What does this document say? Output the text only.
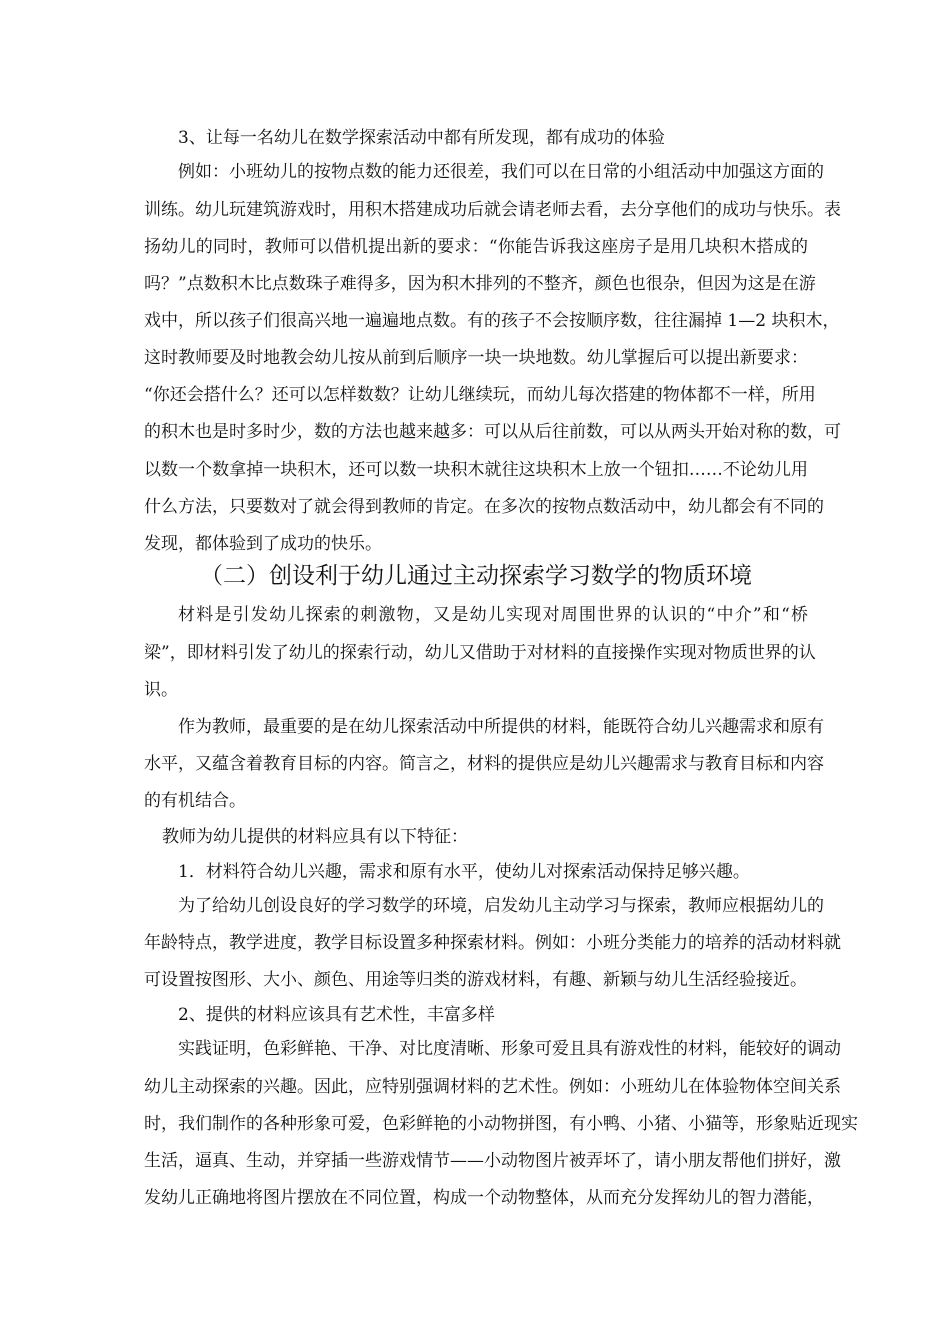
3、让每一名幼儿在数学探索活动中都有所发现，都有成功的体验
例如：小班幼儿的按物点数的能力还很差，我们可以在日常的小组活动中加强这方面的
训练。幼儿玩建筑游戏时，用积木搭建成功后就会请老师去看，去分享他们的成功与快乐。表
扬幼儿的同时，教师可以借机提出新的要求：“你能告诉我这座房子是用几块积木搭成的
吗？”点数积木比点数珠子难得多，因为积木排列的不整齐，颜色也很杂，但因为这是在游
戏中，所以孩子们很高兴地一遍遍地点数。有的孩子不会按顺序数，往往漏掉 1—2 块积木，
这时教师要及时地教会幼儿按从前到后顺序一块一块地数。幼儿掌握后可以提出新要求：
“你还会搭什么？还可以怎样数数？让幼儿继续玩，而幼儿每次搭建的物体都不一样，所用
的积木也是时多时少，数的方法也越来越多：可以从后往前数，可以从两头开始对称的数，可
以数一个数拿掉一块积木，还可以数一块积木就往这块积木上放一个钮扣……不论幼儿用
什么方法，只要数对了就会得到教师的肯定。在多次的按物点数活动中，幼儿都会有不同的
发现，都体验到了成功的快乐。
（二）创设利于幼儿通过主动探索学习数学的物质环境
材料是引发幼儿探索的刺激物，又是幼儿实现对周围世界的认识的“中介”和“桥
梁”，即材料引发了幼儿的探索行动，幼儿又借助于对材料的直接操作实现对物质世界的认
识。
作为教师，最重要的是在幼儿探索活动中所提供的材料，能既符合幼儿兴趣需求和原有
水平，又蕴含着教育目标的内容。简言之，材料的提供应是幼儿兴趣需求与教育目标和内容
的有机结合。
教师为幼儿提供的材料应具有以下特征：
1．材料符合幼儿兴趣，需求和原有水平，使幼儿对探索活动保持足够兴趣。
为了给幼儿创设良好的学习数学的环境，启发幼儿主动学习与探索，教师应根据幼儿的
年龄特点，教学进度，教学目标设置多种探索材料。例如：小班分类能力的培养的活动材料就
可设置按图形、大小、颜色、用途等归类的游戏材料，有趣、新颖与幼儿生活经验接近。
2、提供的材料应该具有艺术性，丰富多样
实践证明，色彩鲜艳、干净、对比度清晰、形象可爱且具有游戏性的材料，能较好的调动
幼儿主动探索的兴趣。因此，应特别强调材料的艺术性。例如：小班幼儿在体验物体空间关系
时，我们制作的各种形象可爱，色彩鲜艳的小动物拼图，有小鸭、小猪、小猫等，形象贴近现实
生活，逼真、生动，并穿插一些游戏情节——小动物图片被弄坏了，请小朋友帮他们拼好，激
发幼儿正确地将图片摆放在不同位置，构成一个动物整体，从而充分发挥幼儿的智力潜能，
